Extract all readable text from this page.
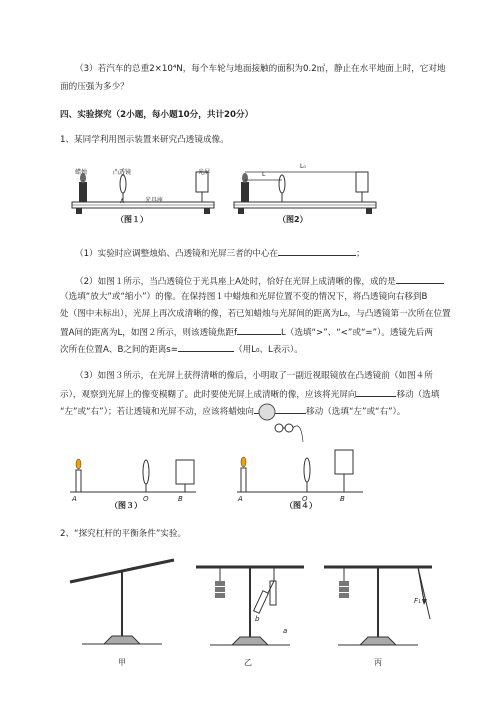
（3）若汽车的总重2×10⁴N，每个车轮与地面接触的面积为0.2㎡，静止在水平地面上时，它对地
面的压强为多少？
四、实验探究（2小题，每小题10分，共计20分）
1、某同学利用图示装置来研究凸透镜成像。
蜡烛	凸透镜	光屏
光具座
A
（图１）
L
L₀
（图2）
（1）实验时应调整烛焰、凸透镜和光屏三者的中心在	；
（2）如图１所示，当凸透镜位于光具座上A处时，恰好在光屏上成清晰的像，成的是
（选填“放大”或“缩小”）的像。在保持图１中蜡烛和光屏位置不变的情况下，将凸透镜向右移到B
处（图中未标出），光屏上再次成清晰的像，若已知蜡烛与光屏间的距离为L₀，与凸透镜第一次所在位置
置A间的距离为L，如图２所示，则该透镜焦距f	L（选填“>”、“<”或“=”）。透镜先后两
次所在位置A、B之间的距离s=	（用L₀、L表示）。
（3）如图３所示，在光屏上获得清晰的像后，小明取了一副近视眼镜放在凸透镜前（如图４所
示），观察到光屏上的像变模糊了。此时要使光屏上成清晰的像，应该将光屏向	移动（选填
“左”或“右”）；若让透镜和光屏不动，应该将蜡烛向	移动（选填“左”或“右”）。
A	O	B
（图３）
A	O	B
（图４）
2、“探究杠杆的平衡条件”实验。
甲
b
a
乙
F₁
丙
